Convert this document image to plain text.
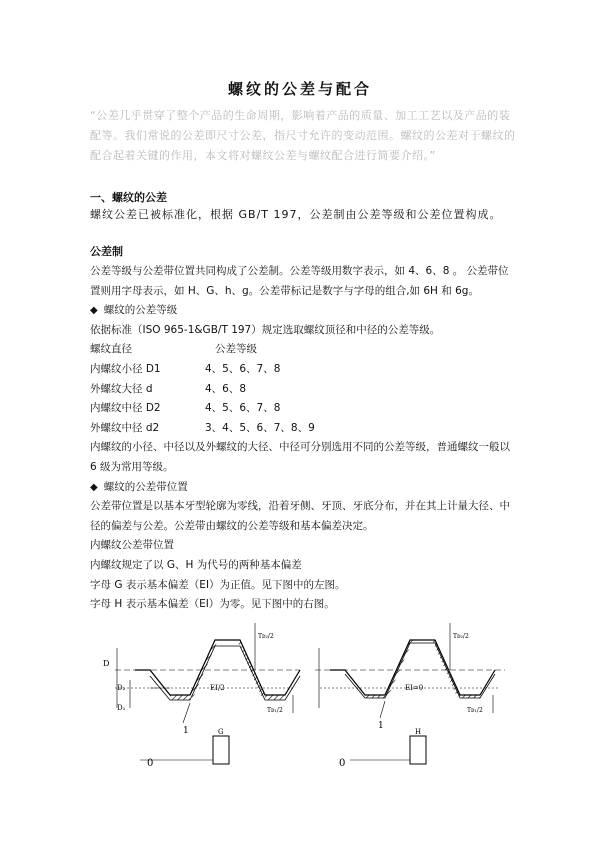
螺纹的公差与配合

“公差几乎贯穿了整个产品的生命周期，影响着产品的质量、加工工艺以及产品的装

配等。我们常说的公差即尺寸公差，指尺寸允许的变动范围。螺纹的公差对于螺纹的

配合起着关键的作用，本文将对螺纹公差与螺纹配合进行简要介绍。”

一、螺纹的公差
螺纹公差已被标准化，根据 GB/T 197，公差制由公差等级和公差位置构成。
公差制

公差等级与公差带位置共同构成了公差制。公差等级用数字表示，如 4、6、8 。 公差带位

置则用字母表示，如 H、G、h、g。公差带标记是数字与字母的组合,如 6H 和 6g。

◆ 螺纹的公差等级

依据标准（ISO 965-1&GB/T 197）规定选取螺纹顶径和中径的公差等级。

螺纹直径	公差等级
内螺纹小径 D1	4、5、6、7、8
外螺纹大径 d	4、6、8
内螺纹中径 D2	4、5、6、7、8
外螺纹中径 d2	3、4、5、6、7、8、9

内螺纹的小径、中径以及外螺纹的大径、中径可分别选用不同的公差等级，普通螺纹一般以

6 级为常用等级。

◆ 螺纹的公差带位置

公差带位置是以基本牙型轮廓为零线，沿着牙侧、牙顶、牙底分布，并在其上计量大径、中

径的偏差与公差。公差带由螺纹的公差等级和基本偏差决定。

内螺纹公差带位置

内螺纹规定了以 G、H 为代号的两种基本偏差

字母 G 表示基本偏差（EI）为正值。见下图中的左图。

字母 H 表示基本偏差（EI）为零。见下图中的右图。

D
D₂
D₁
EI/2
Tᴅ₁/2
Tᴅ₂/2
1	G
0
EI=0
Tᴅ₁/2
Tᴅ₂/2
1
H
0
